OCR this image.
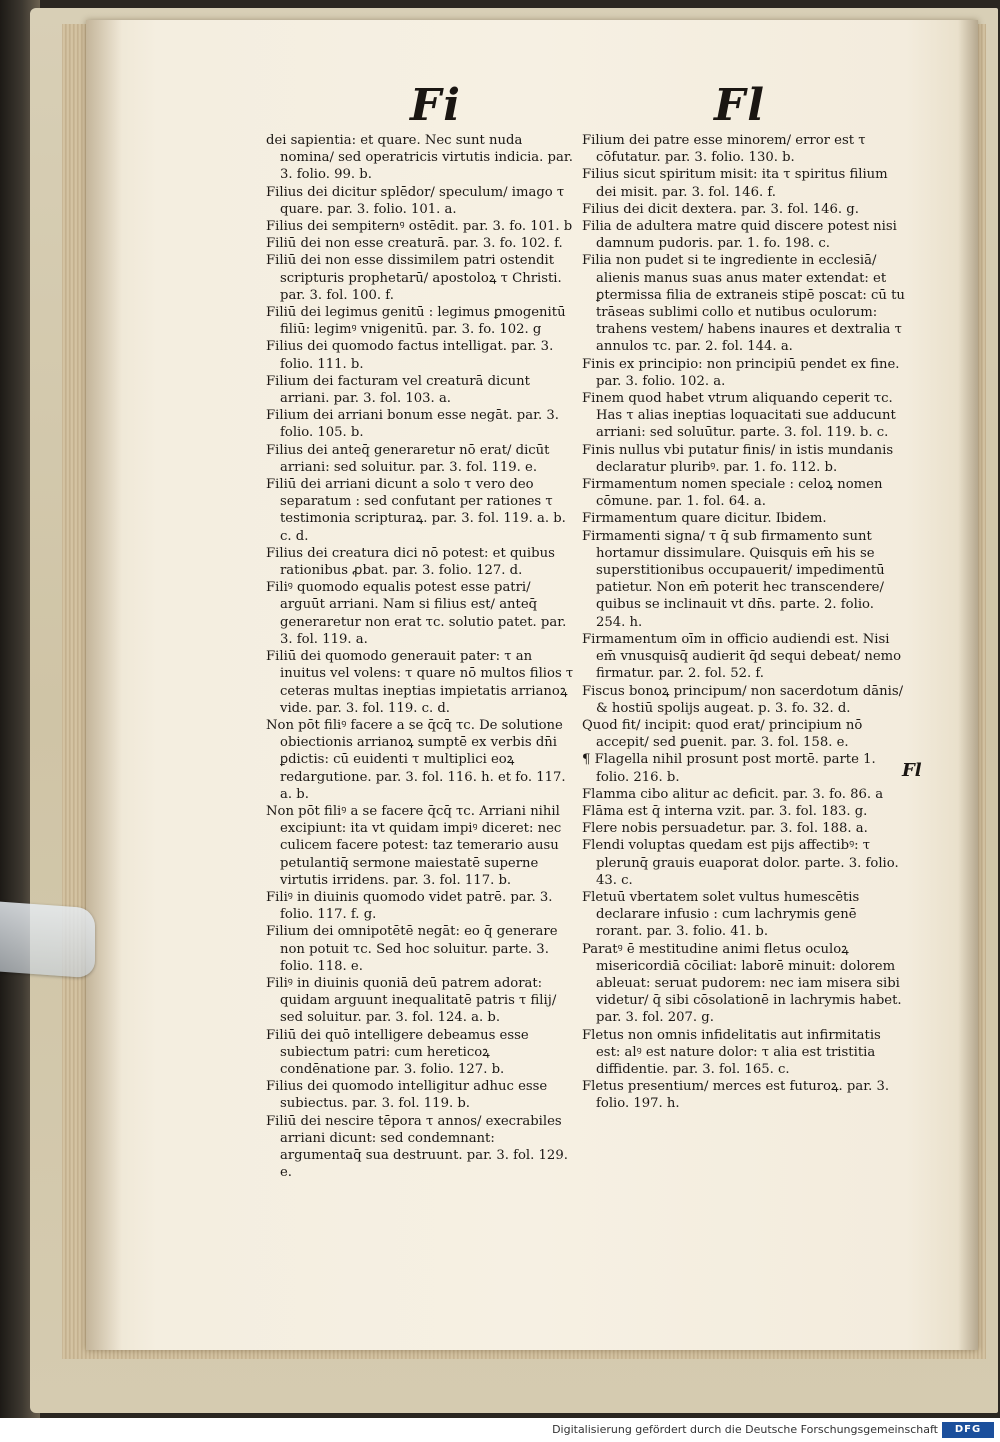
Fi	Fl

dei sapientia: et quare. Nec sunt nuda nomina/ sed operatricis virtutis indicia. par. 3. folio. 99. b.

Filius dei dicitur splēdor/ speculum/ imago τ quare. par. 3. folio. 101. a.

Filius dei sempiternꝰ ostēdit. par. 3. fo. 101. b

Filiū dei non esse creaturā. par. 3. fo. 102. f.

Filiū dei non esse dissimilem patri ostendit scripturis prophetarū/ apostoloꝝ τ Christi. par. 3. fol. 100. f.

Filiū dei legimus genitū : legimus ꝑmogenitū filiū: legimꝰ vnigenitū. par. 3. fo. 102. g

Filius dei quomodo factus intelligat. par. 3. folio. 111. b.

Filium dei facturam vel creaturā dicunt arriani. par. 3. fol. 103. a.

Filium dei arriani bonum esse negāt. par. 3. folio. 105. b.

Filius dei anteq̄ generaretur nō erat/ dicūt arriani: sed soluitur. par. 3. fol. 119. e.

Filiū dei arriani dicunt a solo τ vero deo separatum : sed confutant per rationes τ testimonia scripturaꝝ. par. 3. fol. 119. a. b. c. d.

Filius dei creatura dici nō potest: et quibus rationibus ꝓbat. par. 3. folio. 127. d.

Filiꝰ quomodo equalis potest esse patri/ arguūt arriani. Nam si filius est/ anteq̄ generaretur non erat τc. solutio patet. par. 3. fol. 119. a.

Filiū dei quomodo generauit pater: τ an inuitus vel volens: τ quare nō multos filios τ ceteras multas ineptias impietatis arrianoꝝ vide. par. 3. fol. 119. c. d.

Non pōt filiꝰ facere a se q̄cq̄ τc. De solutione obiectionis arrianoꝝ sumptē ex verbis dn̄i ꝑdictis: cū euidenti τ multiplici eoꝝ redargutione. par. 3. fol. 116. h. et fo. 117. a. b.

Non pōt filiꝰ a se facere q̄cq̄ τc. Arriani nihil excipiunt: ita vt quidam impiꝰ diceret: nec culicem facere potest: taz temerario ausu petulantiq̄ sermone maiestatē superne virtutis irridens. par. 3. fol. 117. b.

Filiꝰ in diuinis quomodo videt patrē. par. 3. folio. 117. f. g.

Filium dei omnipotētē negāt: eo q̄ generare non potuit τc. Sed hoc soluitur. parte. 3. folio. 118. e.

Filiꝰ in diuinis quoniā deū patrem adorat: quidam arguunt inequalitatē patris τ filij/ sed soluitur. par. 3. fol. 124. a. b.

Filiū dei quō intelligere debeamus esse subiectum patri: cum hereticoꝝ condēnatione par. 3. folio. 127. b.

Filius dei quomodo intelligitur adhuc esse subiectus. par. 3. fol. 119. b.

Filiū dei nescire tēpora τ annos/ execrabiles arriani dicunt: sed condemnant: argumentaq̄ sua destruunt. par. 3. fol. 129. e.

Filium dei patre esse minorem/ error est τ cōfutatur. par. 3. folio. 130. b.

Filius sicut spiritum misit: ita τ spiritus filium dei misit. par. 3. fol. 146. f.

Filius dei dicit dextera. par. 3. fol. 146. g.

Filia de adultera matre quid discere potest nisi damnum pudoris. par. 1. fo. 198. c.

Filia non pudet si te ingrediente in ecclesiā/ alienis manus suas anus mater extendat: et ꝑtermissa filia de extraneis stipē poscat: cū tu trāseas sublimi collo et nutibus oculorum: trahens vestem/ habens inaures et dextralia τ annulos τc. par. 2. fol. 144. a.

Finis ex principio: non principiū pendet ex fine. par. 3. folio. 102. a.

Finem quod habet vtrum aliquando ceperit τc. Has τ alias ineptias loquacitati sue adducunt arriani: sed soluūtur. parte. 3. fol. 119. b. c.

Finis nullus vbi putatur finis/ in istis mundanis declaratur pluribꝰ. par. 1. fo. 112. b.

Firmamentum nomen speciale : celoꝝ nomen cōmune. par. 1. fol. 64. a.

Firmamentum quare dicitur. Ibidem.

Firmamenti signa/ τ q̄ sub firmamento sunt hortamur dissimulare. Quisquis em̄ his se superstitionibus occupauerit/ impedimentū patietur. Non em̄ poterit hec transcendere/ quibus se inclinauit vt dn̄s. parte. 2. folio. 254. h.

Firmamentum oīm in officio audiendi est. Nisi em̄ vnusquisq̄ audierit q̄d sequi debeat/ nemo firmatur. par. 2. fol. 52. f.

Fiscus bonoꝝ principum/ non sacerdotum dānis/ & hostiū spolijs augeat. p. 3. fo. 32. d.

Quod fit/ incipit: quod erat/ principium nō accepit/ sed ꝑuenit. par. 3. fol. 158. e.

¶ Flagella nihil prosunt post mortē. parte 1. folio. 216. b.

Flamma cibo alitur ac deficit. par. 3. fo. 86. a

Flāma est q̄ interna vzit. par. 3. fol. 183. g.

Flere nobis persuadetur. par. 3. fol. 188. a.

Flendi voluptas quedam est pijs affectibꝰ: τ plerunq̄ grauis euaporat dolor. parte. 3. folio. 43. c.

Fletuū vbertatem solet vultus humescētis declarare infusio : cum lachrymis genē rorant. par. 3. folio. 41. b.

Paratꝰ ē mestitudine animi fletus oculoꝝ misericordiā cōciliat: laborē minuit: dolorem ableuat: seruat pudorem: nec iam misera sibi videtur/ q̄ sibi cōsolationē in lachrymis habet. par. 3. fol. 207. g.

Fletus non omnis infidelitatis aut infirmitatis est: alꝰ est nature dolor: τ alia est tristitia diffidentie. par. 3. fol. 165. c.

Fletus presentium/ merces est futuroꝝ. par. 3. folio. 197. h.

Fl
Digitalisierung gefördert durch die Deutsche Forschungsgemeinschaft	DFG
